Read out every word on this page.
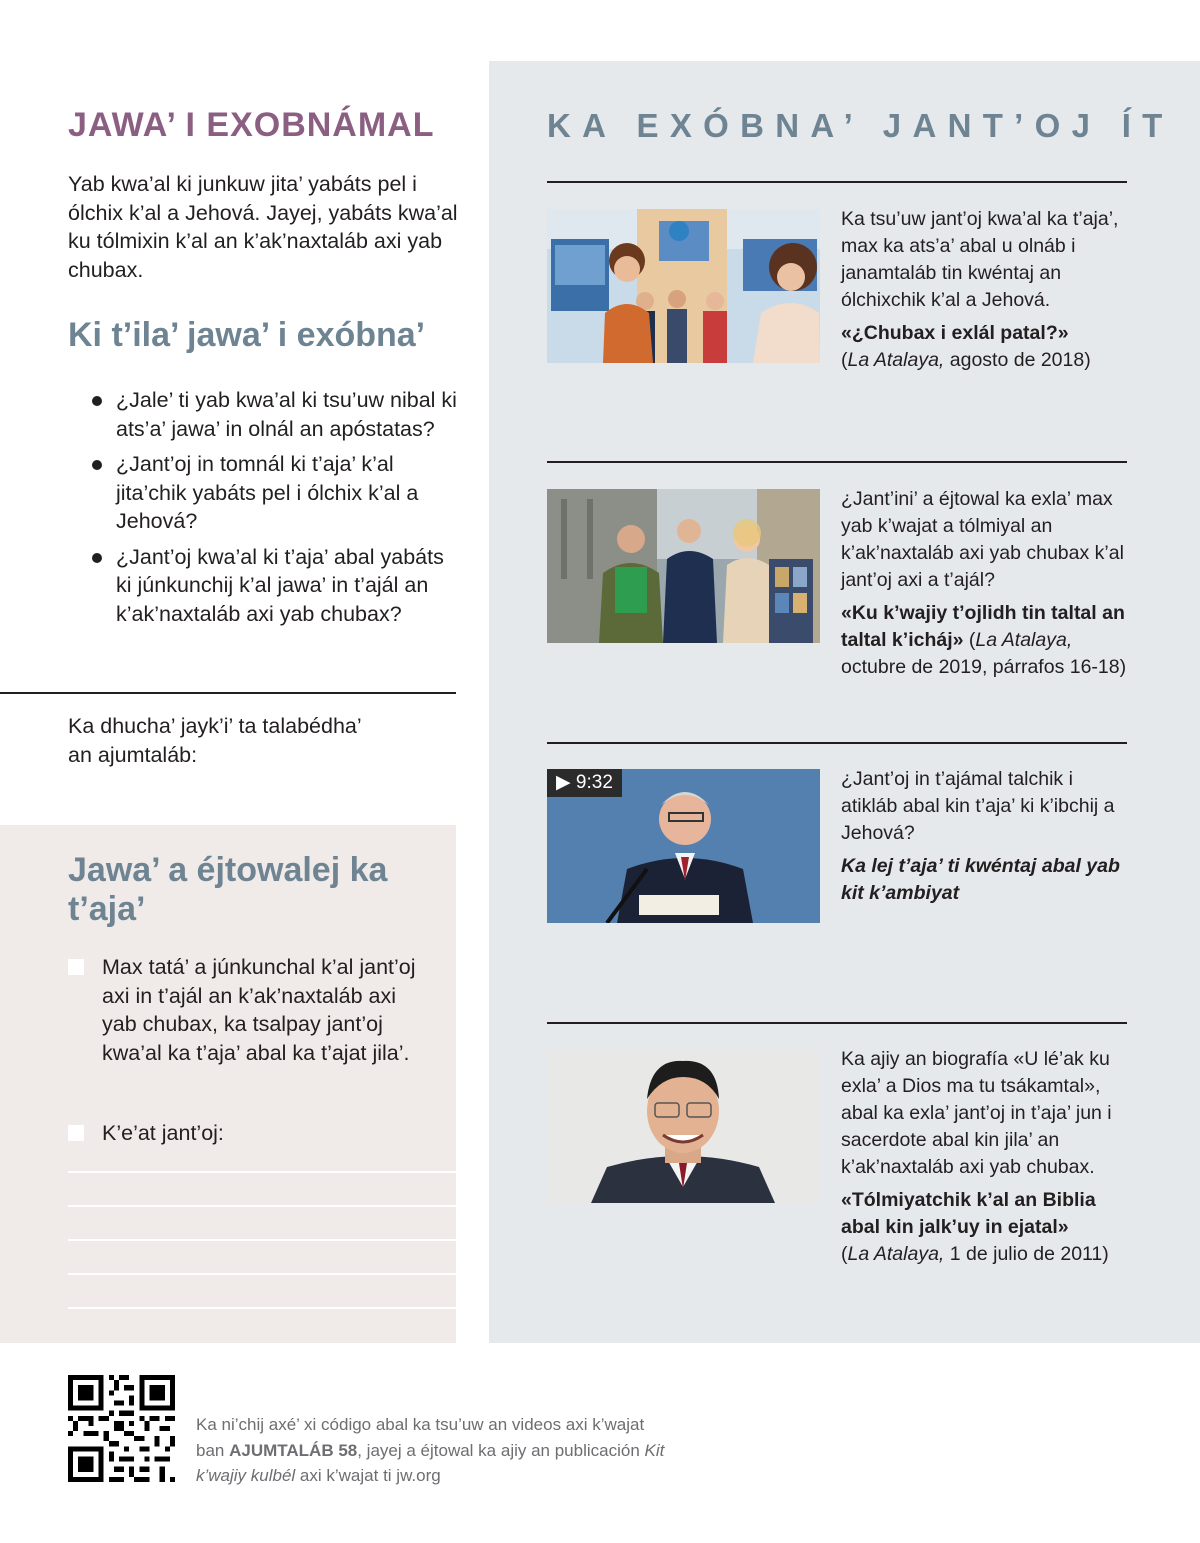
JAWA’ I EXOBNÁMAL

Yab kwa’al ki junkuw jita’ yabáts pel i ólchix k’al a Jehová. Jayej, yabáts kwa’al ku tólmixin k’al an k’ak’naxtaláb axi yab chubax.

Ki t’ila’ jawa’ i exóbna’
¿Jale’ ti yab kwa’al ki tsu’uw nibal ki ats’a’ jawa’ in olnál an apóstatas?
¿Jant’oj in tomnál ki t’aja’ k’al jita’chik yabáts pel i ólchix k’al a Jehová?
¿Jant’oj kwa’al ki t’aja’ abal yabáts ki júnkunchij k’al jawa’ in t’ajál an k’ak’naxtaláb axi yab chubax?

Ka dhucha’ jayk’i’ ta talabédha’ an ajumtaláb:

Jawa’ a éjtowalej ka t’aja’
Max tatá’ a júnkunchal k’al jant’oj axi in t’ajál an k’ak’naxtaláb axi yab chubax, ka tsalpay jant’oj kwa’al ka t’aja’ abal ka t’ajat jila’.
K’e’at jant’oj:
KA EXÓBNA’ JANT’OJ ÍT
Ka tsu’uw jant’oj kwa’al ka t’aja’, max ka ats’a’ abal u olnáb i janamtaláb tin kwéntaj an ólchixchik k’al a Jehová.
«¿Chubax i exlál patal?»
(La Atalaya, agosto de 2018)
¿Jant’ini’ a éjtowal ka exla’ max yab k’wajat a tólmiyal an k’ak’naxtaláb axi yab chubax k’al jant’oj axi a t’ajál?
«Ku k’wajiy t’ojlidh tin taltal an taltal k’icháj» (La Atalaya, octubre de 2019, párrafos 16-18)
▶ 9:32	¿Jant’oj in t’ajámal talchik i atikláb abal kin t’aja’ ki k’ibchij a Jehová?
Ka lej t’aja’ ti kwéntaj abal yab kit k’ambiyat
Ka ajiy an biografía «U lé’ak ku exla’ a Dios ma tu tsákamtal», abal ka exla’ jant’oj in t’aja’ jun i sacerdote abal kin jila’ an k’ak’naxtaláb axi yab chubax.
«Tólmiyatchik k’al an Biblia abal kin jalk’uy in ejatal»
(La Atalaya, 1 de julio de 2011)

Ka ni’chij axé’ xi código abal ka tsu’uw an videos axi k’wajat ban AJUMTALÁB 58, jayej a éjtowal ka ajiy an publicación Kit k’wajiy kulbél axi k’wajat ti jw.org
